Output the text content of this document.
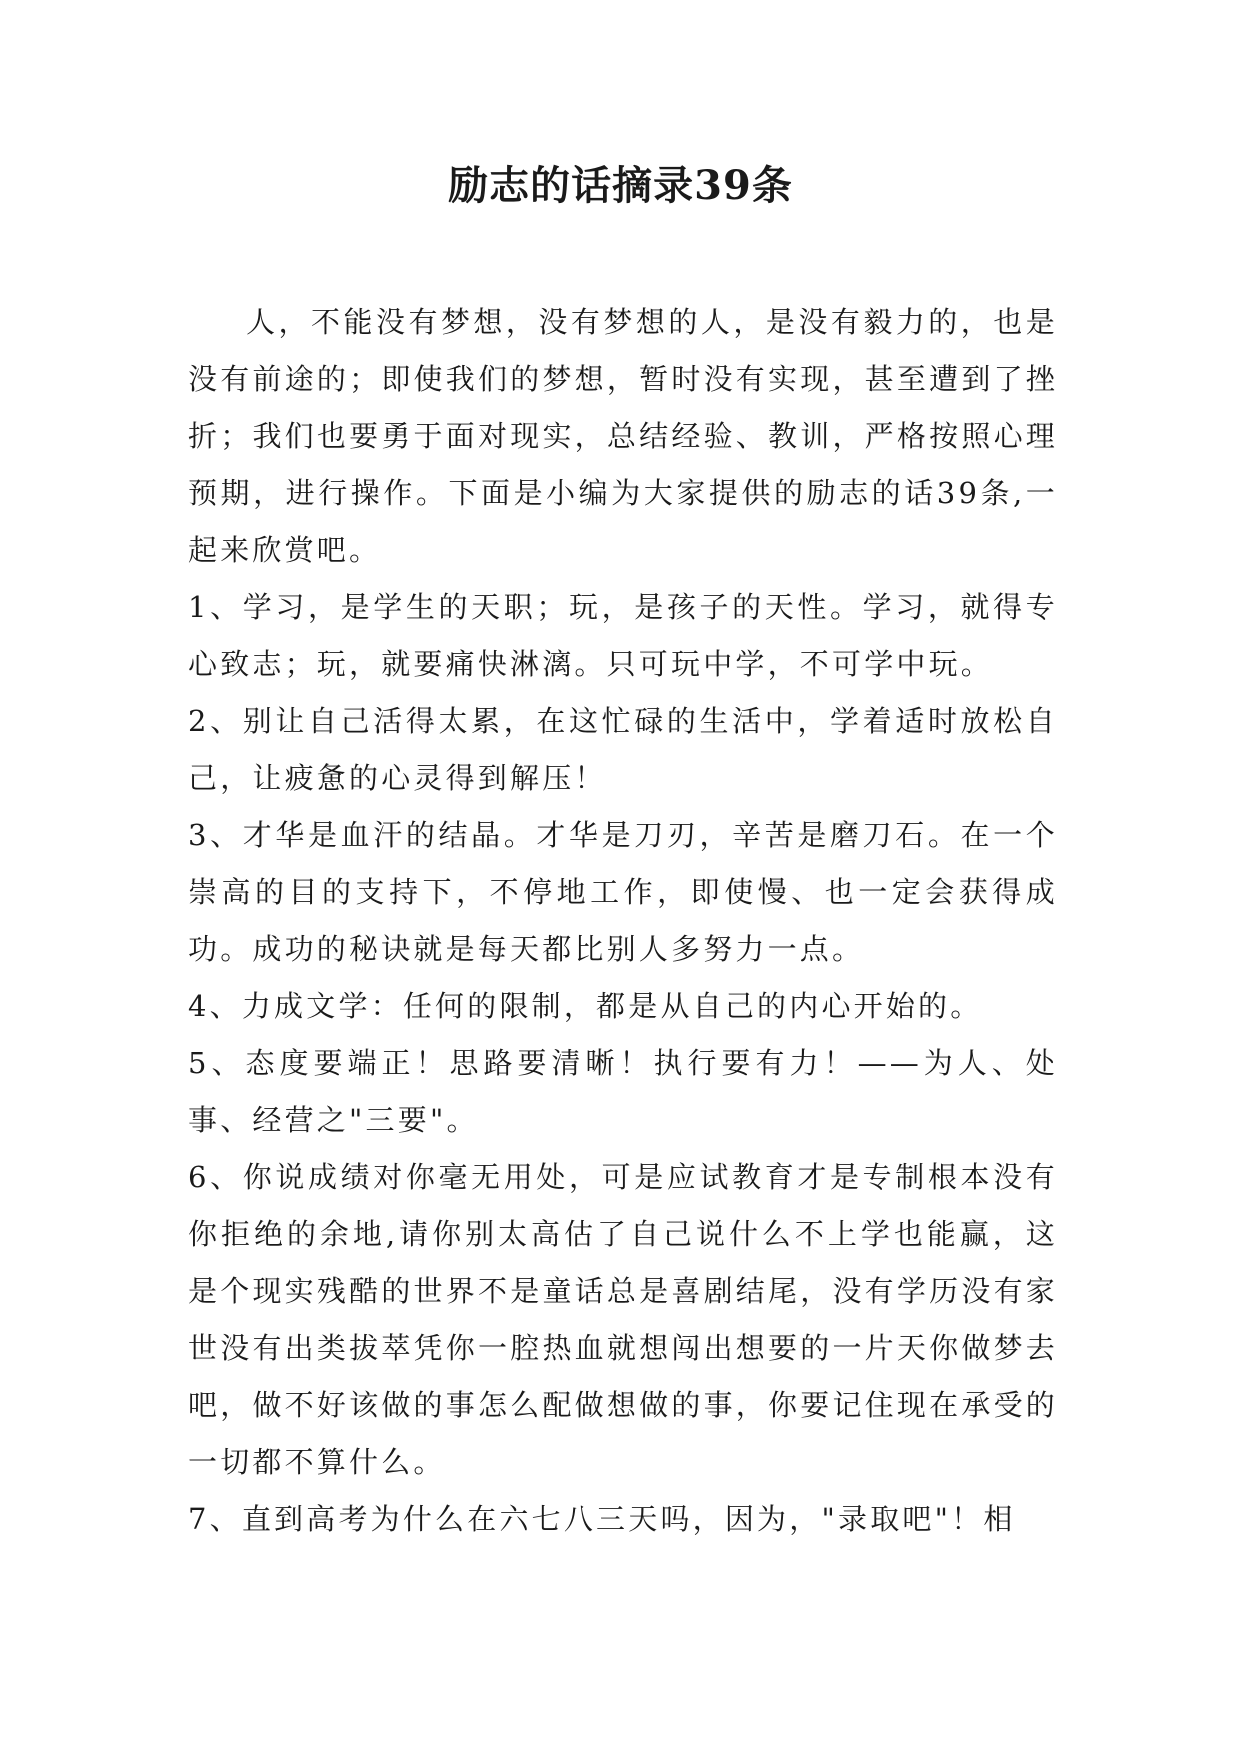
励志的话摘录39条

人，不能没有梦想，没有梦想的人，是没有毅力的，也是没有前途的；即使我们的梦想，暂时没有实现，甚至遭到了挫折；我们也要勇于面对现实，总结经验、教训，严格按照心理预期，进行操作。下面是小编为大家提供的励志的话39条,一起来欣赏吧。

1、学习，是学生的天职；玩，是孩子的天性。学习，就得专心致志；玩，就要痛快淋漓。只可玩中学，不可学中玩。

2、别让自己活得太累，在这忙碌的生活中，学着适时放松自己，让疲惫的心灵得到解压！

3、才华是血汗的结晶。才华是刀刃，辛苦是磨刀石。在一个崇高的目的支持下，不停地工作，即使慢、也一定会获得成功。成功的秘诀就是每天都比别人多努力一点。

4、力成文学：任何的限制，都是从自己的内心开始的。

5、态度要端正！思路要清晰！执行要有力！——为人、处事、经营之"三要"。

6、你说成绩对你毫无用处，可是应试教育才是专制根本没有你拒绝的余地,请你别太高估了自己说什么不上学也能赢，这是个现实残酷的世界不是童话总是喜剧结尾，没有学历没有家世没有出类拔萃凭你一腔热血就想闯出想要的一片天你做梦去吧，做不好该做的事怎么配做想做的事，你要记住现在承受的一切都不算什么。

7、直到高考为什么在六七八三天吗，因为，"录取吧"！相
